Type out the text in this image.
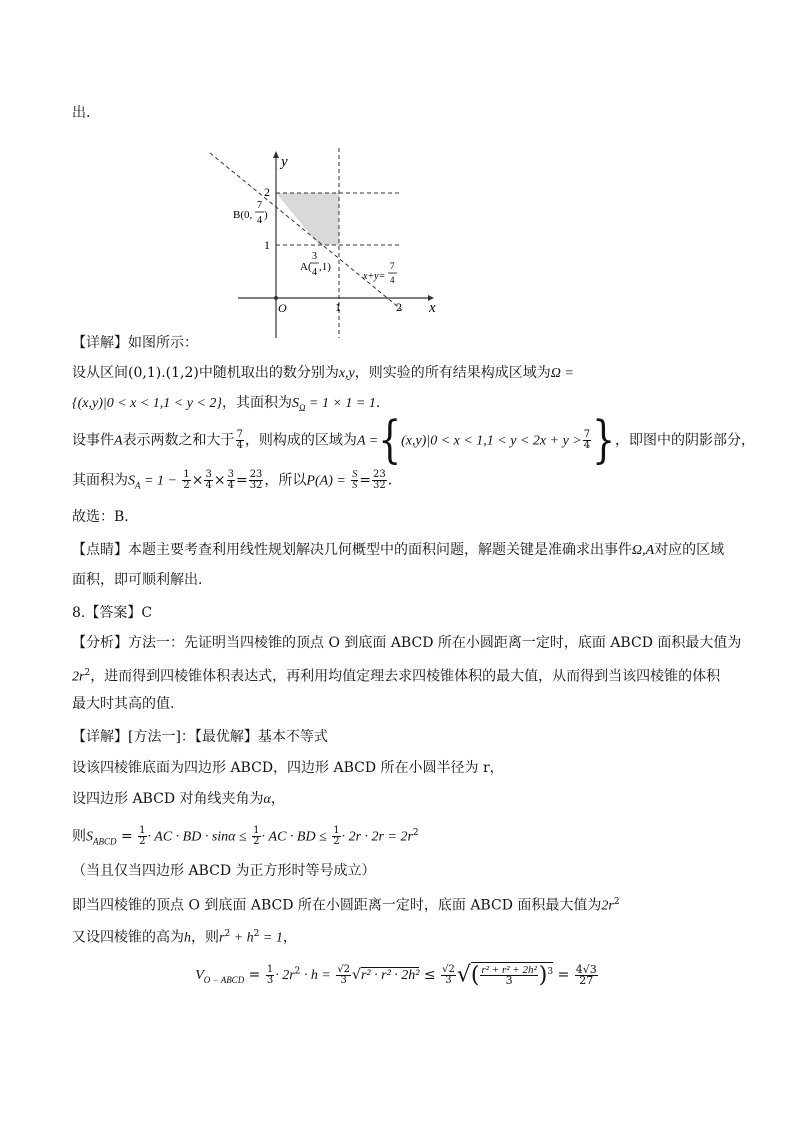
出.
y
x
O	1	2
1
2
B(0,
7
4 )
A(
3
4 ,1)
x+y=
7
4
【详解】如图所示：
设从区间(0,1).(1,2)中随机取出的数分别为x,y，则实验的所有结果构成区域为Ω =
{(x,y)|0 < x < 1,1 < y < 2}，其面积为$S_\Omega = 1 \times 1 = 1$.
设事件A表示两数之和大于 $\frac{7}{4}$ ，则构成的区域为$A =\{(x,y)|0 < x < 1,1 < y < 2x + y > \frac{7}{4}$ }，即图中的阴影部分，
其面积为$S_A = 1 - \frac{1}{2} \times \frac{3}{4} \times \frac{3}{4} = \frac{23}{32}$ ，所以$P(A) = \frac{S}{S} = \frac{23}{32}$ .
故选：B.
【点睛】本题主要考查利用线性规划解决几何概型中的面积问题，解题关键是准确求出事件Ω,A对应的区域
面积，即可顺利解出.
8.【答案】C
【分析】方法一：先证明当四棱锥的顶点 O 到底面 ABCD 所在小圆距离一定时，底面 ABCD 面积最大值为
$2r^2$，进而得到四棱锥体积表达式，再利用均值定理去求四棱锥体积的最大值，从而得到当该四棱锥的体积
最大时其高的值.
【详解】[方法一]：【最优解】基本不等式
设该四棱锥底面为四边形 ABCD，四边形 ABCD 所在小圆半径为 r，
设四边形 ABCD 对角线夹角为α，
则$S_{ABCD} = \frac{1}{2}$ · AC · BD · $\sin\alpha \le \frac{1}{2}$ · AC · BD ≤ $\frac{1}{2} \cdot 2r \cdot 2r = 2r^2$
（当且仅当四边形 ABCD 为正方形时等号成立）
即当四棱锥的顶点 O 到底面 ABCD 所在小圆距离一定时，底面 ABCD 面积最大值为$2r^2$
又设四棱锥的高为h，则$r^2 + h^2 = 1$，
$V_{O - ABCD} = \frac{1}{3} \cdot 2r^2 \cdot h = \frac{√2}{3} √r^2 \cdot r^2 \cdot 2h^2 \le \frac{√2}{3}$ √( $\frac{\text{r² + r² + 2h²}}{3} )^3 = \frac{4√3}{27}$
